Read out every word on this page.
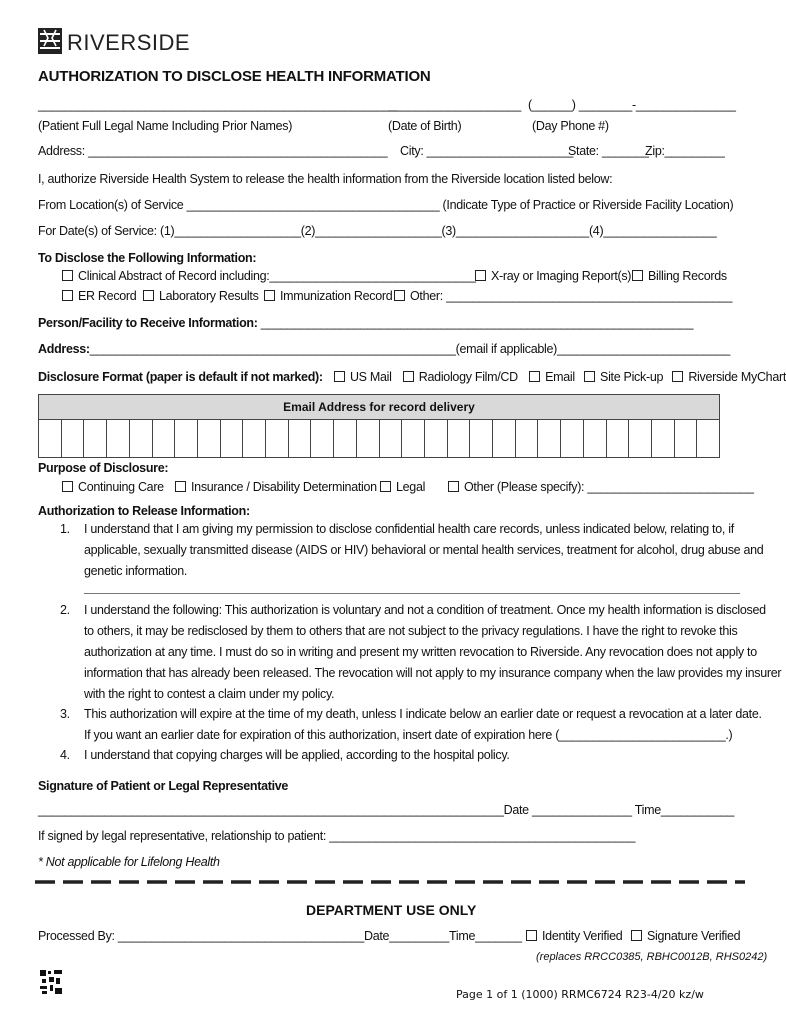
RIVERSIDE
AUTHORIZATION TO DISCLOSE HEALTH INFORMATION
______________________________________________________
____________________ (______) ________-_______________
(Patient Full Legal Name Including Prior Names)	(Date of Birth)	(Day Phone #)
Address: _____________________________________________ City: ______________________
State: _______
Zip:_________
I, authorize Riverside Health System to release the health information from the Riverside location listed below:
From Location(s) of Service ______________________________________ (Indicate Type of Practice or Riverside Facility Location)
For Date(s) of Service: (1)___________________(2)___________________(3)____________________(4)_________________
To Disclose the Following Information:
Clinical Abstract of Record including:_______________________________	X-ray or Imaging Report(s)	Billing Records
ER Record	Laboratory Results	Immunization Record	Other: ___________________________________________
Person/Facility to Receive Information: _________________________________________________________________
Address:_______________________________________________________(email if applicable)__________________________
Disclosure Format (paper is default if not marked): US Mail Radiology Film/CD Email Site Pick-up Riverside MyChart
Email Address for record delivery
Purpose of Disclosure:
Continuing Care	Insurance / Disability Determination	Legal	Other (Please specify): _________________________
Authorization to Release Information:
1. I understand that I am giving my permission to disclose confidential health care records, unless indicated below, relating to, if
applicable, sexually transmitted disease (AIDS or HIV) behavioral or mental health services, treatment for alcohol, drug abuse and
genetic information.
2. I understand the following: This authorization is voluntary and not a condition of treatment. Once my health information is disclosed
to others, it may be redisclosed by them to others that are not subject to the privacy regulations. I have the right to revoke this
authorization at any time. I must do so in writing and present my written revocation to Riverside. Any revocation does not apply to
information that has already been released. The revocation will not apply to my insurance company when the law provides my insurer
with the right to contest a claim under my policy.
3. This authorization will expire at the time of my death, unless I indicate below an earlier date or request a revocation at a later date.
If you want an earlier date for expiration of this authorization, insert date of expiration here (_________________________.)
4. I understand that copying charges will be applied, according to the hospital policy.
Signature of Patient or Legal Representative
______________________________________________________________________Date _______________ Time___________
If signed by legal representative, relationship to patient: ______________________________________________
* Not applicable for Lifelong Health
DEPARTMENT USE ONLY
Processed By: _____________________________________Date_________Time_______	Identity Verified	Signature Verified
(replaces RRCC0385, RBHC0012B, RHS0242)
Page 1 of 1 (1000) RRMC6724 R23-4/20 kz/w
